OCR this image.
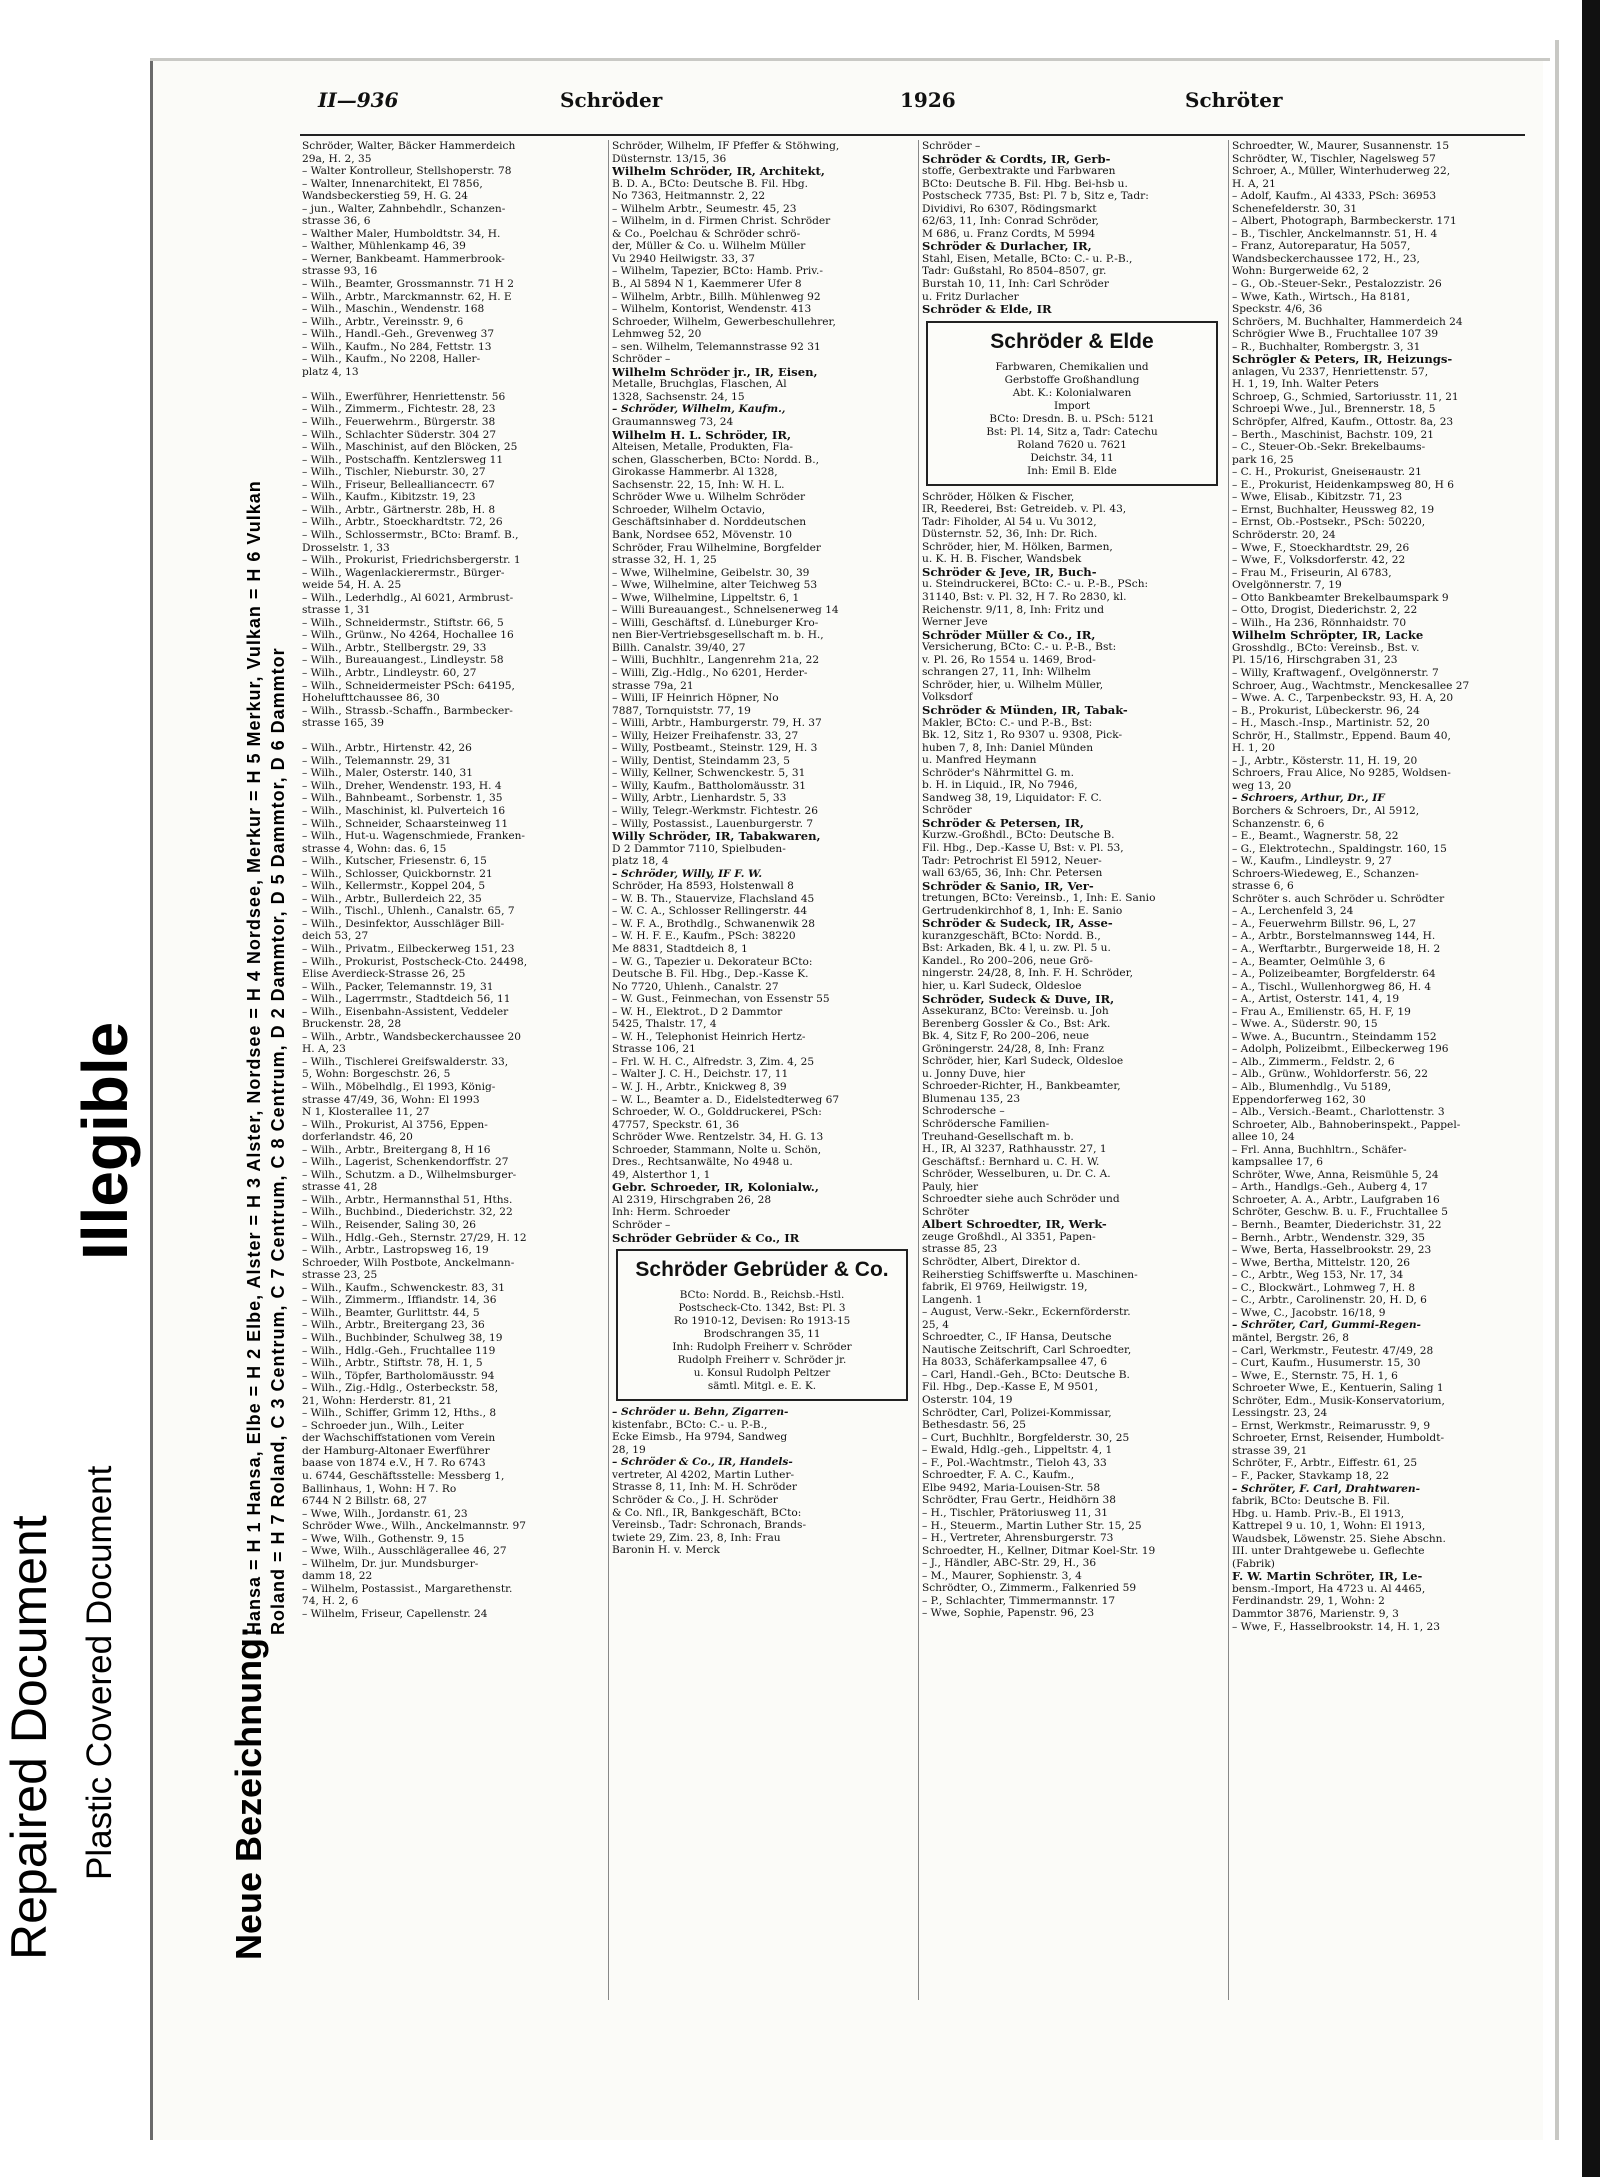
Illegible
Repaired Document Plastic Covered Document	Neue Bezeichnung:
Hansa = H 1 Hansa, Elbe = H 2 Elbe, Alster = H 3 Alster, Nordsee = H 4 Nordsee, Merkur = H 5 Merkur, Vulkan = H 6 Vulkan Roland = H 7 Roland, C 3 Centrum, C 7 Centrum, C 8 Centrum, D 2 Dammtor, D 5 Dammtor, D 6 Dammtor
II—936	Schröder	1926	Schröter

Schröder, Walter, Bäcker Hammerdeich

29a, H. 2, 35

– Walter Kontrolleur, Stellshoperstr. 78

– Walter, Innenarchitekt, El 7856,

Wandsbeckerstieg 59, H. G. 24

– jun., Walter, Zahnbehdlr., Schanzen-

strasse 36, 6

– Walther Maler, Humboldtstr. 34, H.

– Walther, Mühlenkamp 46, 39

– Werner, Bankbeamt. Hammerbrook-

strasse 93, 16

– Wilh., Beamter, Grossmannstr. 71 H 2

– Wilh., Arbtr., Marckmannstr. 62, H. E

– Wilh., Maschin., Wendenstr. 168

– Wilh., Arbtr., Vereinsstr. 9, 6

– Wilh., Handl.-Geh., Grevenweg 37

– Wilh., Kaufm., No 284, Fettstr. 13

– Wilh., Kaufm., No 2208, Haller-

platz 4, 13

– Wilh., Ewerführer, Henriettenstr. 56

– Wilh., Zimmerm., Fichtestr. 28, 23

– Wilh., Feuerwehrm., Bürgerstr. 38

– Wilh., Schlachter Süderstr. 304 27

– Wilh., Maschinist, auf den Blöcken, 25

– Wilh., Postschaffn. Kentzlersweg 11

– Wilh., Tischler, Nieburstr. 30, 27

– Wilh., Friseur, Belleallianceстr. 67

– Wilh., Kaufm., Kibitzstr. 19, 23

– Wilh., Arbtr., Gärtnerstr. 28b, H. 8

– Wilh., Arbtr., Stoeckhardtstr. 72, 26

– Wilh., Schlossermstr., BCto: Bramf. B.,

Drosselstr. 1, 33

– Wilh., Prokurist, Friedrichsbergerstr. 1

– Wilh., Wagenlackierermstr., Bürger-

weide 54, H. A. 25

– Wilh., Lederhdlg., Al 6021, Armbrust-

strasse 1, 31

– Wilh., Schneidermstr., Stiftstr. 66, 5

– Wilh., Grünw., No 4264, Hochallee 16

– Wilh., Arbtr., Stellbergstr. 29, 33

– Wilh., Bureauangest., Lindleystr. 58

– Wilh., Arbtr., Lindleystr. 60, 27

– Wilh., Schneidermeister PSch: 64195,

Hohelufttchaussee 86, 30

– Wilh., Strassb.-Schaffn., Barmbecker-

strasse 165, 39

– Wilh., Arbtr., Hirtenstr. 42, 26

– Wilh., Telemannstr. 29, 31

– Wilh., Maler, Osterstr. 140, 31

– Wilh., Dreher, Wendenstr. 193, H. 4

– Wilh., Bahnbeamt., Sorbenstr. 1, 35

– Wilh., Maschinist, kl. Pulverteich 16

– Wilh., Schneider, Schaarsteinweg 11

– Wilh., Hut-u. Wagenschmiede, Franken-

strasse 4, Wohn: das. 6, 15

– Wilh., Kutscher, Friesenstr. 6, 15

– Wilh., Schlosser, Quickbornstr. 21

– Wilh., Kellermstr., Koppel 204, 5

– Wilh., Arbtr., Bullerdeich 22, 35

– Wilh., Tischl., Uhlenh., Canalstr. 65, 7

– Wilh., Desinfektor, Ausschläger Bill-

deich 53, 27

– Wilh., Privatm., Eilbeckerweg 151, 23

– Wilh., Prokurist, Postscheck-Cto. 24498,

Elise Averdieck-Strasse 26, 25

– Wilh., Packer, Telemannstr. 19, 31

– Wilh., Lagerrmstr., Stadtdeich 56, 11

– Wilh., Eisenbahn-Assistent, Veddeler

Bruckenstr. 28, 28

– Wilh., Arbtr., Wandsbeckerchaussee 20

H. A, 23

– Wilh., Tischlerei Greifswalderstr. 33,

5, Wohn: Borgeschstr. 26, 5

– Wilh., Möbelhdlg., El 1993, König-

strasse 47/49, 36, Wohn: El 1993

N 1, Klosterallee 11, 27

– Wilh., Prokurist, Al 3756, Eppen-

dorferlandstr. 46, 20

– Wilh., Arbtr., Breitergang 8, H 16

– Wilh., Lagerist, Schenkendorffstr. 27

– Wilh., Schutzm. a D., Wilhelmsburger-

strasse 41, 28

– Wilh., Arbtr., Hermannsthal 51, Hths.

– Wilh., Buchbind., Diederichstr. 32, 22

– Wilh., Reisender, Saling 30, 26

– Wilh., Hdlg.-Geh., Sternstr. 27/29, H. 12

– Wilh., Arbtr., Lastropsweg 16, 19

Schroeder, Wilh Postbote, Anckelmann-

strasse 23, 25

– Wilh., Kaufm., Schwenckestr. 83, 31

– Wilh., Zimmerm., Iffiandstr. 14, 36

– Wilh., Beamter, Gurlittstr. 44, 5

– Wilh., Arbtr., Breitergang 23, 36

– Wilh., Buchbinder, Schulweg 38, 19

– Wilh., Hdlg.-Geh., Fruchtallee 119

– Wilh., Arbtr., Stiftstr. 78, H. 1, 5

– Wilh., Töpfer, Bartholomäusstr. 94

– Wilh., Zig.-Hdlg., Osterbeckstr. 58,

21, Wohn: Herderstr. 81, 21

– Wilh., Schiffer, Grimm 12, Hths., 8

– Schroeder jun., Wilh., Leiter

der Wachschiffstationen vom Verein

der Hamburg-Altonaer Ewerführer

baase von 1874 e.V., H 7. Ro 6743

u. 6744, Geschäftsstelle: Messberg 1,

Ballinhaus, 1, Wohn: H 7. Ro

6744 N 2 Billstr. 68, 27

– Wwe, Wilh., Jordanstr. 61, 23

Schröder Wwe., Wilh., Anckelmannstr. 97

– Wwe, Wilh., Gothenstr. 9, 15

– Wwe, Wilh., Ausschlägerallee 46, 27

– Wilhelm, Dr. jur. Mundsburger-

damm 18, 22

– Wilhelm, Postassist., Margarethenstr.

74, H. 2, 6

– Wilhelm, Friseur, Capellenstr. 24

Schröder, Wilhelm, IF Pfeffer & Stöhwing,

Düsternstr. 13/15, 36

Wilhelm Schröder, IR, Architekt,

B. D. A., BCto: Deutsche B. Fil. Hbg.

No 7363, Heitmannstr. 2, 22

– Wilhelm Arbtr., Seumestr. 45, 23

– Wilhelm, in d. Firmen Christ. Schröder

& Co., Poelchau & Schröder schrö-

der, Müller & Co. u. Wilhelm Müller

Vu 2940 Heilwigstr. 33, 37

– Wilhelm, Tapezier, BCto: Hamb. Priv.-

B., Al 5894 N 1, Kaemmerer Ufer 8

– Wilhelm, Arbtr., Billh. Mühlenweg 92

– Wilhelm, Kontorist, Wendenstr. 413

Schroeder, Wilhelm, Gewerbeschullehrer,

Lehmweg 52, 20

– sen. Wilhelm, Telemannstrasse 92 31

Schröder –

Wilhelm Schröder jr., IR, Eisen,

Metalle, Bruchglas, Flaschen, Al

1328, Sachsenstr. 24, 15

– Schröder, Wilhelm, Kaufm.,

Graumannsweg 73, 24

Wilhelm H. L. Schröder, IR,

Alteisen, Metalle, Produkten, Fla-

schen, Glasscherben, BCto: Nordd. B.,

Girokasse Hammerbr. Al 1328,

Sachsenstr. 22, 15, Inh: W. H. L.

Schröder Wwe u. Wilhelm Schröder

Schroeder, Wilhelm Octavio,

Geschäftsinhaber d. Norddeutschen

Bank, Nordsee 652, Mövenstr. 10

Schröder, Frau Wilhelmine, Borgfelder

strasse 32, H. 1, 25

– Wwe, Wilhelmine, Geibelstr. 30, 39

– Wwe, Wilhelmine, alter Teichweg 53

– Wwe, Wilhelmine, Lippeltstr. 6, 1

– Willi Bureauangest., Schnelsenerweg 14

– Willi, Geschäftsf. d. Lüneburger Kro-

nen Bier-Vertriebsgesellschaft m. b. H.,

Billh. Canalstr. 39/40, 27

– Willi, Buchhltr., Langenrehm 21a, 22

– Willi, Zig.-Hdlg., No 6201, Herder-

strasse 79a, 21

– Willi, IF Heinrich Höpner, No

7887, Tornquiststr. 77, 19

– Willi, Arbtr., Hamburgerstr. 79, H. 37

– Willy, Heizer Freihafenstr. 33, 27

– Willy, Postbeamt., Steinstr. 129, H. 3

– Willy, Dentist, Steindamm 23, 5

– Willy, Kellner, Schwenckestr. 5, 31

– Willy, Kaufm., Battholomäusstr. 31

– Willy, Arbtr., Lienhardstr. 5, 33

– Willy, Telegr.-Werkmstr. Fichtestr. 26

– Willy, Postassist., Lauenburgerstr. 7

Willy Schröder, IR, Tabakwaren,

D 2 Dammtor 7110, Spielbuden-

platz 18, 4

– Schröder, Willy, IF F. W.

Schröder, Ha 8593, Holstenwall 8

– W. B. Th., Stauervize, Flachsland 45

– W. C. A., Schlosser Rellingerstr. 44

– W. F. A., Brothdlg., Schwanenwik 28

– W. H. F. E., Kaufm., PSch: 38220

Me 8831, Stadtdeich 8, 1

– W. G., Tapezier u. Dekorateur BCto:

Deutsche B. Fil. Hbg., Dep.-Kasse K.

No 7720, Uhlenh., Canalstr. 27

– W. Gust., Feinmechan, von Essenstr 55

– W. H., Elektrot., D 2 Dammtor

5425, Thalstr. 17, 4

– W. H., Telephonist Heinrich Hertz-

Strasse 106, 21

– Frl. W. H. C., Alfredstr. 3, Zim. 4, 25

– Walter J. C. H., Deichstr. 17, 11

– W. J. H., Arbtr., Knickweg 8, 39

– W. L., Beamter a. D., Eidelstedterweg 67

Schroeder, W. O., Golddruckerei, PSch:

47757, Speckstr. 61, 36

Schröder Wwe. Rentzelstr. 34, H. G. 13

Schroeder, Stammann, Nolte u. Schön,

Dres., Rechtsanwälte, No 4948 u.

49, Alsterthor 1, 1

Gebr. Schroeder, IR, Kolonialw.,

Al 2319, Hirschgraben 26, 28

Inh: Herm. Schroeder

Schröder –

Schröder Gebrüder & Co., IR

Schröder Gebrüder & Co.

BCto: Nordd. B., Reichsb.-Hstl.

Postscheck-Cto. 1342, Bst: Pl. 3

Ro 1910-12, Devisen: Ro 1913-15

Brodschrangen 35, 11

Inh: Rudolph Freiherr v. Schröder

Rudolph Freiherr v. Schröder jr.

u. Konsul Rudolph Peltzer

sämtl. Mitgl. e. E. K.

– Schröder u. Behn, Zigarren-

kistenfabr., BCto: C.- u. P.-B.,

Ecke Eimsb., Ha 9794, Sandweg

28, 19

– Schröder & Co., IR, Handels-

vertreter, Al 4202, Martin Luther-

Strasse 8, 11, Inh: M. H. Schröder

Schröder & Co., J. H. Schröder

& Co. Nfl., IR, Bankgeschäft, BCto:

Vereinsb., Tadr: Schronach, Brands-

twiete 29, Zim. 23, 8, Inh: Frau

Baronin H. v. Merck

Schröder –

Schröder & Cordts, IR, Gerb-

stoffe, Gerbextrakte und Farbwaren

BCto: Deutsche B. Fil. Hbg. Bei-hsb u.

Postscheck 7735, Bst: Pl. 7 b, Sitz e, Tadr:

Dividivi, Ro 6307, Rödingsmarkt

62/63, 11, Inh: Conrad Schröder,

M 686, u. Franz Cordts, M 5994

Schröder & Durlacher, IR,

Stahl, Eisen, Metalle, BCto: C.- u. P.-B.,

Tadr: Gußstahl, Ro 8504–8507, gr.

Burstah 10, 11, Inh: Carl Schröder

u. Fritz Durlacher

Schröder & Elde, IR

Schröder & Elde

Farbwaren, Chemikalien und

Gerbstoffe Großhandlung

Abt. K.: Kolonialwaren

Import

BCto: Dresdn. B. u. PSch: 5121

Bst: Pl. 14, Sitz a, Tadr: Catechu

Roland 7620 u. 7621

Deichstr. 34, 11

Inh: Emil B. Elde

Schröder, Hölken & Fischer,

IR, Reederei, Bst: Getreideb. v. Pl. 43,

Tadr: Fiholder, Al 54 u. Vu 3012,

Düsternstr. 52, 36, Inh: Dr. Rich.

Schröder, hier, M. Hölken, Barmen,

u. K. H. B. Fischer, Wandsbek

Schröder & Jeve, IR, Buch-

u. Steindruckerei, BCto: C.- u. P.-B., PSch:

31140, Bst: v. Pl. 32, H 7. Ro 2830, kl.

Reichenstr. 9/11, 8, Inh: Fritz und

Werner Jeve

Schröder Müller & Co., IR,

Versicherung, BCto: C.- u. P.-B., Bst:

v. Pl. 26, Ro 1554 u. 1469, Brod-

schrangen 27, 11, Inh: Wilhelm

Schröder, hier, u. Wilhelm Müller,

Volksdorf

Schröder & Münden, IR, Tabak-

Makler, BCto: C.- und P.-B., Bst:

Bk. 12, Sitz 1, Ro 9307 u. 9308, Pick-

huben 7, 8, Inh: Daniel Münden

u. Manfred Heymann

Schröder's Nährmittel G. m.

b. H. in Liquid., IR, No 7946,

Sandweg 38, 19, Liquidator: F. C.

Schröder

Schröder & Petersen, IR,

Kurzw.-Großhdl., BCto: Deutsche B.

Fil. Hbg., Dep.-Kasse U, Bst: v. Pl. 53,

Tadr: Petrochrist El 5912, Neuer-

wall 63/65, 36, Inh: Chr. Petersen

Schröder & Sanio, IR, Ver-

tretungen, BCto: Vereinsb., 1, Inh: E. Sanio

Gertrudenkirchhof 8, 1, Inh: E. Sanio

Schröder & Sudeck, IR, Asse-

kuranzgeschäft, BCto: Nordd. B.,

Bst: Arkaden, Bk. 4 l, u. zw. Pl. 5 u.

Kandel., Ro 200–206, neue Grö-

ningerstr. 24/28, 8, Inh. F. H. Schröder,

hier, u. Karl Sudeck, Oldesloe

Schröder, Sudeck & Duve, IR,

Assekuranz, BCto: Vereinsb. u. Joh

Berenberg Gossler & Co., Bst: Ark.

Bk. 4, Sitz F, Ro 200–206, neue

Gröningerstr. 24/28, 8, Inh: Franz

Schröder, hier, Karl Sudeck, Oldesloe

u. Jonny Duve, hier

Schroeder-Richter, H., Bankbeamter,

Blumenau 135, 23

Schrodersche –

Schrödersche Familien-

Treuhand-Gesellschaft m. b.

H., IR, Al 3237, Rathhausstr. 27, 1

Geschäftsf.: Bernhard u. C. H. W.

Schröder, Wesselburen, u. Dr. C. A.

Pauly, hier

Schroedter siehe auch Schröder und

Schröter

Albert Schroedter, IR, Werk-

zeuge Großhdl., Al 3351, Papen-

strasse 85, 23

Schrödter, Albert, Direktor d.

Reiherstieg Schiffswerfte u. Maschinen-

fabrik, El 9769, Heilwigstr. 19,

Langenh. 1

– August, Verw.-Sekr., Eckernförderstr.

25, 4

Schroedter, C., IF Hansa, Deutsche

Nautische Zeitschrift, Carl Schroedter,

Ha 8033, Schäferkampsallee 47, 6

– Carl, Handl.-Geh., BCto: Deutsche B.

Fil. Hbg., Dep.-Kasse E, M 9501,

Osterstr. 104, 19

Schrödter, Carl, Polizei-Kommissar,

Bethesdastr. 56, 25

– Curt, Buchhltr., Borgfelderstr. 30, 25

– Ewald, Hdlg.-geh., Lippeltstr. 4, 1

– F., Pol.-Wachtmstr., Tieloh 43, 33

Schroedter, F. A. C., Kaufm.,

Elbe 9492, Maria-Louisen-Str. 58

Schrödter, Frau Gertr., Heidhörn 38

– H., Tischler, Prätoriusweg 11, 31

– H., Steuerm., Martin Luther Str. 15, 25

– H., Vertreter, Ahrensburgerstr. 73

Schroedter, H., Kellner, Ditmar Koel-Str. 19

– J., Händler, ABC-Str. 29, H., 36

– M., Maurer, Sophienstr. 3, 4

Schrödter, O., Zimmerm., Falkenried 59

– P., Schlachter, Timmermannstr. 17

– Wwe, Sophie, Papenstr. 96, 23

Schroedter, W., Maurer, Susannenstr. 15

Schrödter, W., Tischler, Nagelsweg 57

Schroer, A., Müller, Winterhuderweg 22,

H. A, 21

– Adolf, Kaufm., Al 4333, PSch: 36953

Schenefelderstr. 30, 31

– Albert, Photograph, Barmbeckerstr. 171

– B., Tischler, Anckelmannstr. 51, H. 4

– Franz, Autoreparatur, Ha 5057,

Wandsbeckerchaussee 172, H., 23,

Wohn: Burgerweide 62, 2

– G., Ob.-Steuer-Sekr., Pestalozzistr. 26

– Wwe, Kath., Wirtsch., Ha 8181,

Speckstr. 4/6, 36

Schröers, M. Buchhalter, Hammerdeich 24

Schrögier Wwe B., Fruchtallee 107 39

– R., Buchhalter, Rombergstr. 3, 31

Schrögler & Peters, IR, Heizungs-

anlagen, Vu 2337, Henriettenstr. 57,

H. 1, 19, Inh. Walter Peters

Schroep, G., Schmied, Sartoriusstr. 11, 21

Schroepi Wwe., Jul., Brennerstr. 18, 5

Schröpfer, Alfred, Kaufm., Ottostr. 8a, 23

– Berth., Maschinist, Bachstr. 109, 21

– C., Steuer-Ob.-Sekr. Brekelbaums-

park 16, 25

– C. H., Prokurist, Gneiseнаustr. 21

– E., Prokurist, Heidenkampsweg 80, H 6

– Wwe, Elisab., Kibitzstr. 71, 23

– Ernst, Buchhalter, Heussweg 82, 19

– Ernst, Ob.-Postsekr., PSch: 50220,

Schröderstr. 20, 24

– Wwe, F., Stoeckhardtstr. 29, 26

– Wwe, F., Volksdorferstr. 42, 22

– Frau M., Friseurin, Al 6783,

Ovelgönnerstr. 7, 19

– Otto Bankbeamter Brekelbaumspark 9

– Otto, Drogist, Diederichstr. 2, 22

– Wilh., Ha 236, Rönnhaidstr. 70

Wilhelm Schröpter, IR, Lacke

Grosshdlg., BCto: Vereinsb., Bst. v.

Pl. 15/16, Hirschgraben 31, 23

– Willy, Kraftwagenf., Ovelgönnerstr. 7

Schroer, Aug., Wachtmstr., Menckesallee 27

– Wwe. A. C., Tarpenbeckstr. 93, H. A, 20

– B., Prokurist, Lübeckerstr. 96, 24

– H., Masch.-Insp., Martinistr. 52, 20

Schrör, H., Stallmstr., Eppend. Baum 40,

H. 1, 20

– J., Arbtr., Kösterstr. 11, H. 19, 20

Schroers, Frau Alice, No 9285, Woldsen-

weg 13, 20

– Schroers, Arthur, Dr., IF

Borchers & Schroers, Dr., Al 5912,

Schanzenstr. 6, 6

– E., Beamt., Wagnerstr. 58, 22

– G., Elektrotechn., Spaldingstr. 160, 15

– W., Kaufm., Lindleystr. 9, 27

Schroers-Wiedeweg, E., Schanzen-

strasse 6, 6

Schröter s. auch Schröder u. Schrödter

– A., Lerchenfeld 3, 24

– A., Feuerwehrm Billstr. 96, L, 27

– A., Arbtr., Borstelmannsweg 144, H.

– A., Werftarbtr., Burgerweide 18, H. 2

– A., Beamter, Oelmühle 3, 6

– A., Polizeibeamter, Borgfelderstr. 64

– A., Tischl., Wullenhorgweg 86, H. 4

– A., Artist, Osterstr. 141, 4, 19

– Frau A., Emilienstr. 65, H. F, 19

– Wwe. A., Süderstr. 90, 15

– Wwe. A., Bucuntrn., Steindamm 152

– Adolph, Polizeibmt., Eilbeckerweg 196

– Alb., Zimmerm., Feldstr. 2, 6

– Alb., Grünw., Wohldorferstr. 56, 22

– Alb., Blumenhdlg., Vu 5189,

Eppendorferweg 162, 30

– Alb., Versich.-Beamt., Charlottenstr. 3

Schroeter, Alb., Bahnoberinspekt., Pappel-

allee 10, 24

– Frl. Anna, Buchhltrn., Schäfer-

kampsallee 17, 6

Schröter, Wwe, Anna, Reismühle 5, 24

– Arth., Handlgs.-Geh., Auberg 4, 17

Schroeter, A. A., Arbtr., Laufgraben 16

Schröter, Geschw. B. u. F., Fruchtallee 5

– Bernh., Beamter, Diederichstr. 31, 22

– Bernh., Arbtr., Wendenstr. 329, 35

– Wwe, Berta, Hasselbrookstr. 29, 23

– Wwe, Bertha, Mittelstr. 120, 26

– C., Arbtr., Weg 153, Nr. 17, 34

– C., Blockwärt., Lohmweg 7, H. 8

– C., Arbtr., Carolinenstr. 20, H. D, 6

– Wwe, C., Jacobstr. 16/18, 9

– Schröter, Carl, Gummi-Regen-

mäntel, Bergstr. 26, 8

– Carl, Werkmstr., Feutestr. 47/49, 28

– Curt, Kaufm., Husumerstr. 15, 30

– Wwe, E., Sternstr. 75, H. 1, 6

Schroeter Wwe, E., Kentuerin, Saling 1

Schröter, Edm., Musik-Konservatorium,

Lessingstr. 23, 24

– Ernst, Werkmstr., Reimarusstr. 9, 9

Schroeter, Ernst, Reisender, Humboldt-

strasse 39, 21

Schröter, F., Arbtr., Eiffestr. 61, 25

– F., Packer, Stavkamp 18, 22

– Schröter, F. Carl, Drahtwaren-

fabrik, BCto: Deutsche B. Fil.

Hbg. u. Hamb. Priv.-B., El 1913,

Kattrepel 9 u. 10, 1, Wohn: El 1913,

Waudsbek, Löwenstr. 25. Siehe Abschn.

III. unter Drahtgewebe u. Geflechte

(Fabrik)

F. W. Martin Schröter, IR, Le-

bensm.-Import, Ha 4723 u. Al 4465,

Ferdinandstr. 29, 1, Wohn: 2

Dammtor 3876, Marienstr. 9, 3

– Wwe, F., Hasselbrookstr. 14, H. 1, 23
